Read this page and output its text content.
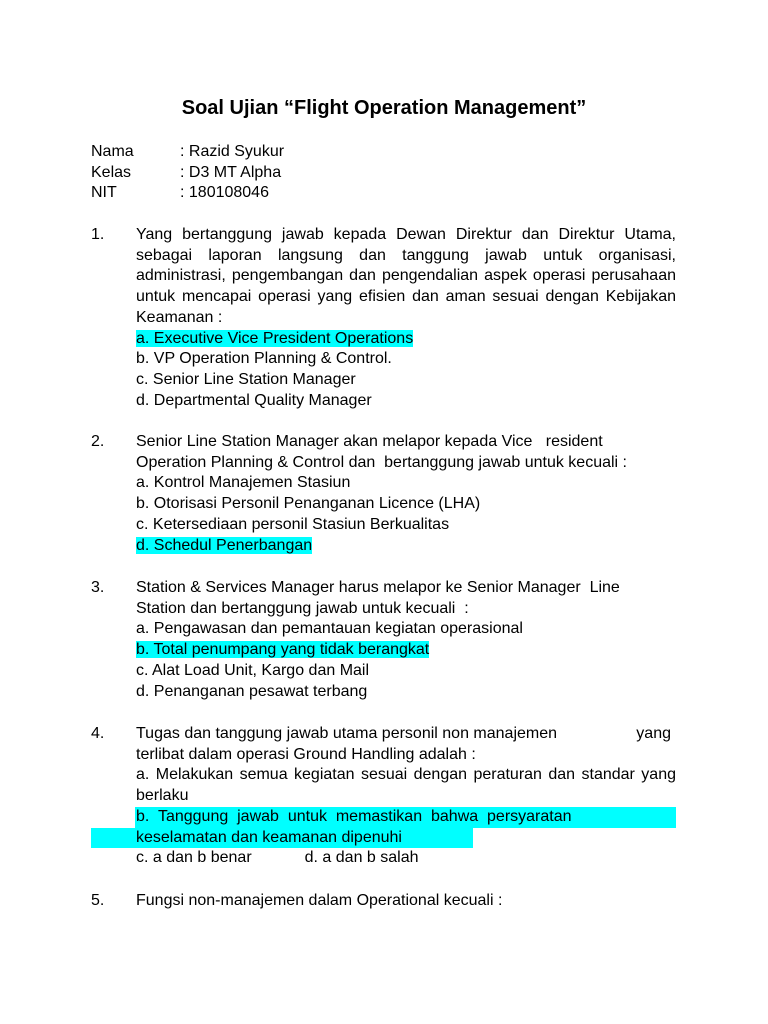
Soal Ujian “Flight Operation Management”
Nama	: Razid Syukur
Kelas	: D3 MT Alpha
NIT	: 180108046
1. Yang bertanggung jawab kepada Dewan Direktur dan Direktur Utama, sebagai laporan langsung dan tanggung jawab untuk organisasi, administrasi, pengembangan dan pengendalian aspek operasi perusahaan untuk mencapai operasi yang efisien dan aman sesuai dengan Kebijakan Keamanan :
a. Executive Vice President Operations
b. VP Operation Planning & Control.
c. Senior Line Station Manager
d. Departmental Quality Manager
2. Senior Line Station Manager akan melapor kepada Vice   resident
Operation Planning & Control dan  bertanggung jawab untuk kecuali :
a. Kontrol Manajemen Stasiun
b. Otorisasi Personil Penanganan Licence (LHA)
c. Ketersediaan personil Stasiun Berkualitas
d. Schedul Penerbangan
3. Station & Services Manager harus melapor ke Senior Manager  Line
Station dan bertanggung jawab untuk kecuali  :
a. Pengawasan dan pemantauan kegiatan operasional
b. Total penumpang yang tidak berangkat
c. Alat Load Unit, Kargo dan Mail
d. Penanganan pesawat terbang
4. Tugas dan tanggung jawab utama personil non manajemen	yang
terlibat dalam operasi Ground Handling adalah :
a. Melakukan semua kegiatan sesuai dengan peraturan dan standar yang berlaku
b.  Tanggung  jawab  untuk  memastikan  bahwa  persyaratan
keselamatan dan keamanan dipenuhi
c. a dan b benar	d. a dan b salah
5. Fungsi non-manajemen dalam Operational kecuali :
